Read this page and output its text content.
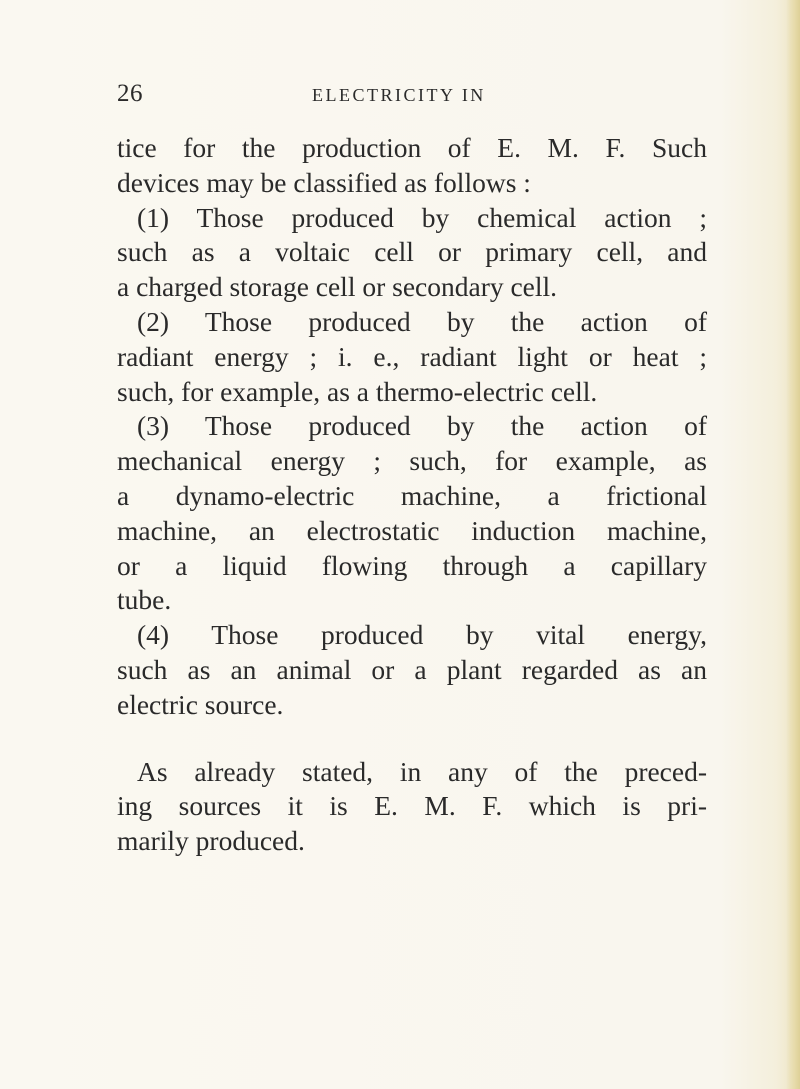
26	ELECTRICITY IN
tice for the production of E. M. F. Such
devices may be classified as follows :
(1) Those produced by chemical action ;
such as a voltaic cell or primary cell, and
a charged storage cell or secondary cell.
(2) Those produced by the action of
radiant energy ; i. e., radiant light or heat ;
such, for example, as a thermo-electric cell.
(3) Those produced by the action of
mechanical energy ; such, for example, as
a dynamo-electric machine, a frictional
machine, an electrostatic induction machine,
or a liquid flowing through a capillary
tube.
(4) Those produced by vital energy,
such as an animal or a plant regarded as an
electric source.
As already stated, in any of the preced-
ing sources it is E. M. F. which is pri-
marily produced.
